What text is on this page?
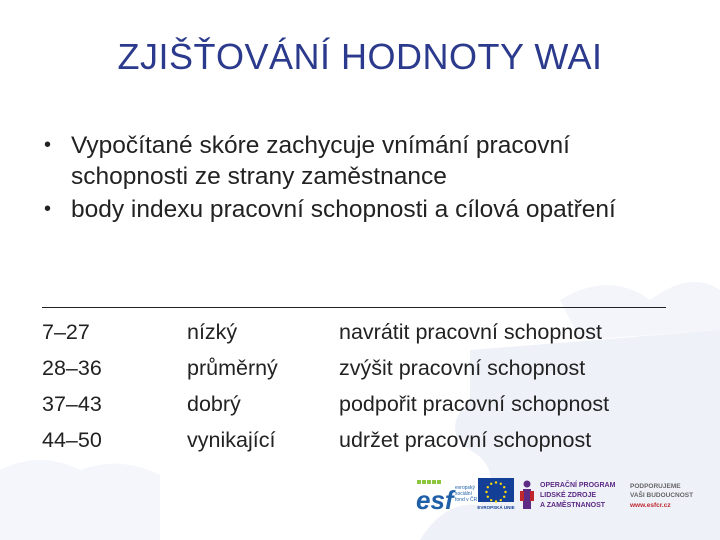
ZJIŠŤOVÁNÍ HODNOTY WAI
• Vypočítané skóre zachycuje vnímání pracovní schopnosti ze strany zaměstnance
• body indexu pracovní schopnosti a cílová opatření
7–27	nízký	navrátit pracovní schopnost
28–36	průměrný	zvýšit pracovní schopnost
37–43	dobrý	podpořit pracovní schopnost
44–50	vynikající	udržet pracovní schopnost
esf evropský sociální fond v ČR
EVROPSKÁ UNIE
OPERAČNÍ PROGRAM LIDSKÉ ZDROJE A ZAMĚSTNANOST
PODPORUJEME VAŠI BUDOUCNOST
www.esfcr.cz
